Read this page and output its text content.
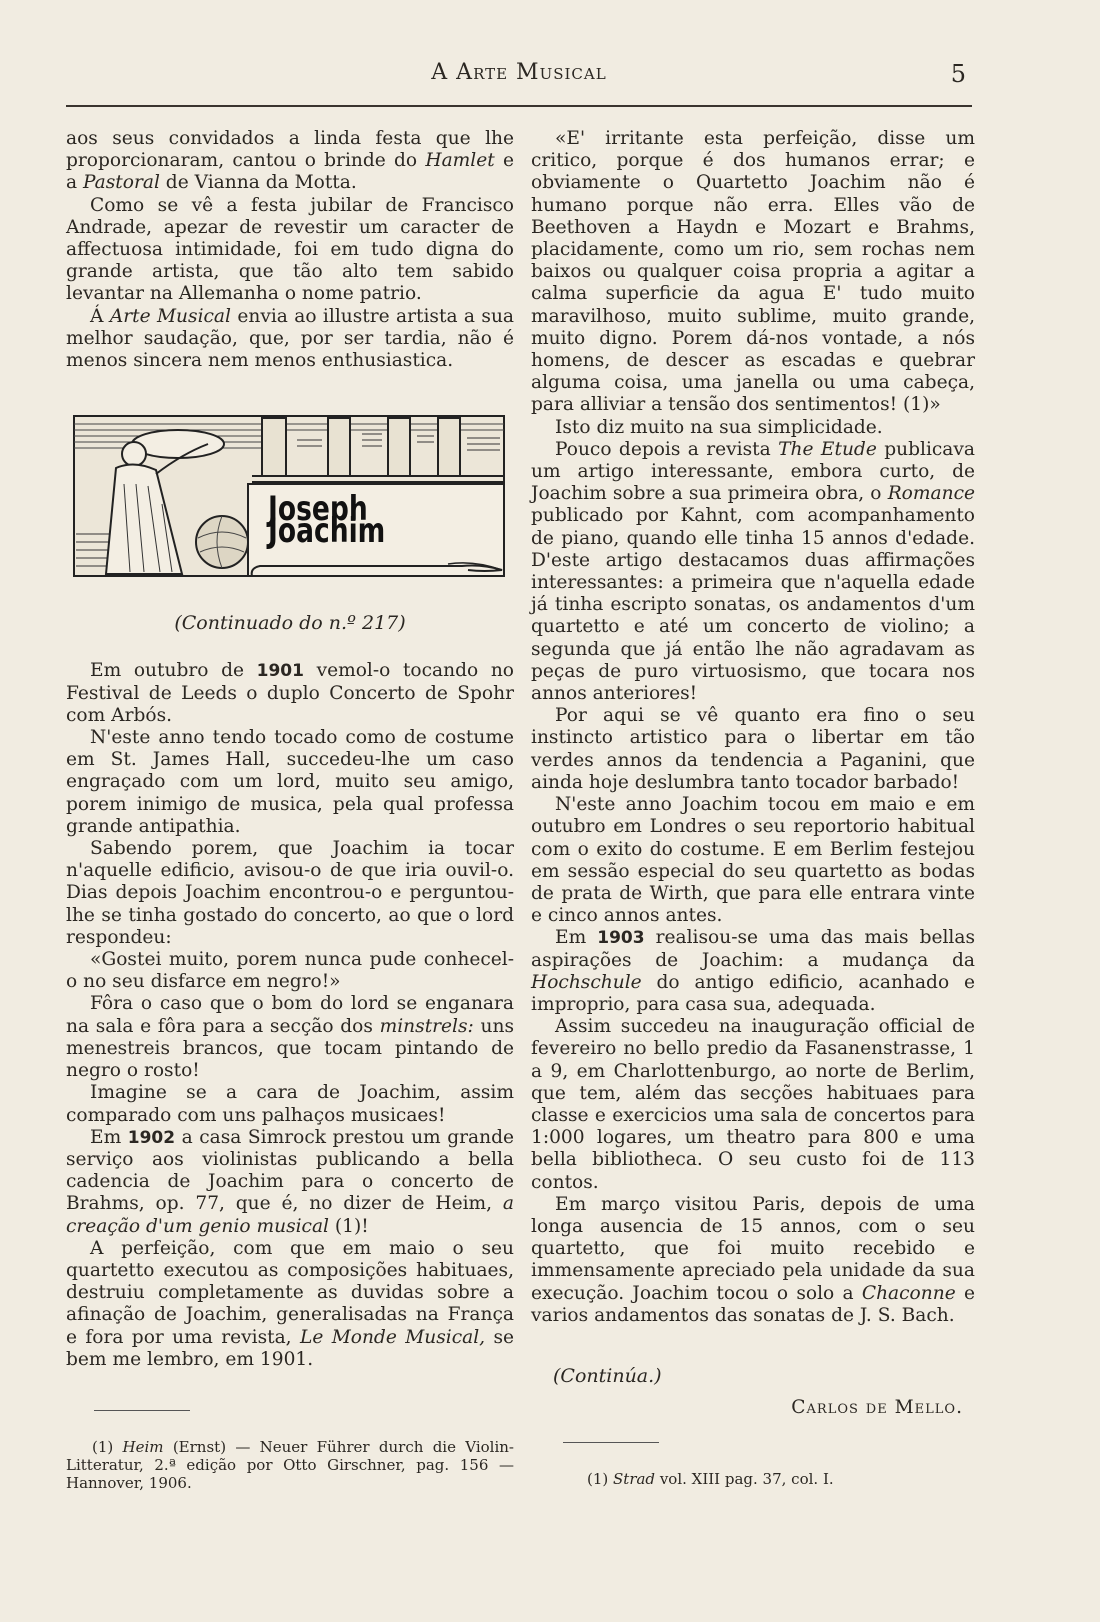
A Arte Musical	5

aos seus convidados a linda festa que lhe proporcionaram, cantou o brinde do Hamlet e a Pastoral de Vianna da Motta.

Como se vê a festa jubilar de Francisco Andrade, apezar de revestir um caracter de affectuosa intimidade, foi em tudo digna do grande artista, que tão alto tem sabido levantar na Allemanha o nome patrio.

Á Arte Musical envia ao illustre artista a sua melhor saudação, que, por ser tardia, não é menos sincera nem menos enthusiastica.

Joseph Joachim
(Continuado do n.º 217)

Em outubro de 1901 vemol-o tocando no Festival de Leeds o duplo Concerto de Spohr com Arbós.

N'este anno tendo tocado como de costume em St. James Hall, succedeu-lhe um caso engraçado com um lord, muito seu amigo, porem inimigo de musica, pela qual professa grande antipathia.

Sabendo porem, que Joachim ia tocar n'aquelle edificio, avisou-o de que iria ouvil-o. Dias depois Joachim encontrou-o e perguntou-lhe se tinha gostado do concerto, ao que o lord respondeu:

«Gostei muito, porem nunca pude conhecel-o no seu disfarce em negro!»

Fôra o caso que o bom do lord se enganara na sala e fôra para a secção dos minstrels: uns menestreis brancos, que tocam pintando de negro o rosto!

Imagine se a cara de Joachim, assim comparado com uns palhaços musicaes!

Em 1902 a casa Simrock prestou um grande serviço aos violinistas publicando a bella cadencia de Joachim para o concerto de Brahms, op. 77, que é, no dizer de Heim, a creação d'um genio musical (1)!

A perfeição, com que em maio o seu quartetto executou as composições habituaes, destruiu completamente as duvidas sobre a afinação de Joachim, generalisadas na França e fora por uma revista, Le Monde Musical, se bem me lembro, em 1901.

«E' irritante esta perfeição, disse um critico, porque é dos humanos errar; e obviamente o Quartetto Joachim não é humano porque não erra. Elles vão de Beethoven a Haydn e Mozart e Brahms, placidamente, como um rio, sem rochas nem baixos ou qualquer coisa propria a agitar a calma superficie da agua E' tudo muito maravilhoso, muito sublime, muito grande, muito digno. Porem dá-nos vontade, a nós homens, de descer as escadas e quebrar alguma coisa, uma janella ou uma cabeça, para alliviar a tensão dos sentimentos! (1)»

Isto diz muito na sua simplicidade.

Pouco depois a revista The Etude publicava um artigo interessante, embora curto, de Joachim sobre a sua primeira obra, o Romance publicado por Kahnt, com acompanhamento de piano, quando elle tinha 15 annos d'edade. D'este artigo destacamos duas affirmações interessantes: a primeira que n'aquella edade já tinha escripto sonatas, os andamentos d'um quartetto e até um concerto de violino; a segunda que já então lhe não agradavam as peças de puro virtuosismo, que tocara nos annos anteriores!

Por aqui se vê quanto era fino o seu instincto artistico para o libertar em tão verdes annos da tendencia a Paganini, que ainda hoje deslumbra tanto tocador barbado!

N'este anno Joachim tocou em maio e em outubro em Londres o seu reportorio habitual com o exito do costume. E em Berlim festejou em sessão especial do seu quartetto as bodas de prata de Wirth, que para elle entrara vinte e cinco annos antes.

Em 1903 realisou-se uma das mais bellas aspirações de Joachim: a mudança da Hochschule do antigo edificio, acanhado e improprio, para casa sua, adequada.

Assim succedeu na inauguração official de fevereiro no bello predio da Fasanenstrasse, 1 a 9, em Charlottenburgo, ao norte de Berlim, que tem, além das secções habituaes para classe e exercicios uma sala de concertos para 1:000 logares, um theatro para 800 e uma bella bibliotheca. O seu custo foi de 113 contos.

Em março visitou Paris, depois de uma longa ausencia de 15 annos, com o seu quartetto, que foi muito recebido e immensamente apreciado pela unidade da sua execução. Joachim tocou o solo a Chaconne e varios andamentos das sonatas de J. S. Bach.

(Continúa.)
Carlos de Mello.

(1) Heim (Ernst) — Neuer Führer durch die Violin-Litteratur, 2.ª edição por Otto Girschner, pag. 156 — Hannover, 1906.	(1) Strad vol. XIII pag. 37, col. I.
